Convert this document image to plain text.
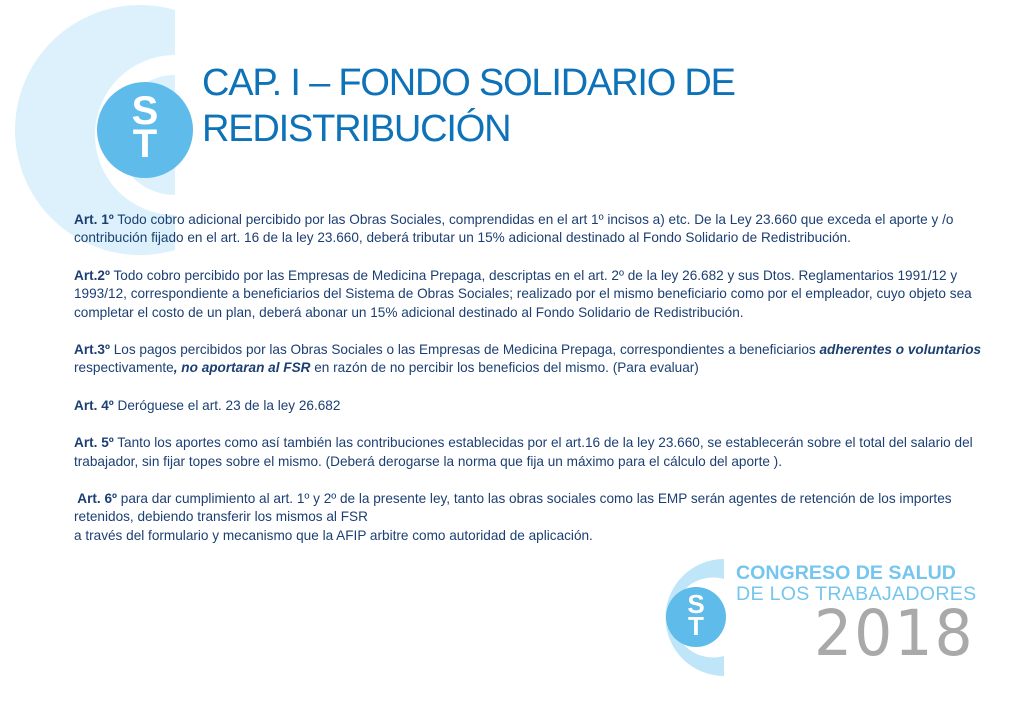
S
T
CAP. I – FONDO SOLIDARIO DE
REDISTRIBUCIÓN

Art. 1º Todo cobro adicional percibido por las Obras Sociales, comprendidas en el art 1º incisos a) etc. De la Ley 23.660 que exceda el aporte y /o contribución fijado en el art. 16 de la ley 23.660, deberá tributar un 15% adicional destinado al Fondo Solidario de Redistribución.

Art.2º Todo cobro percibido por las Empresas de Medicina Prepaga, descriptas en el art. 2º de la ley 26.682 y sus Dtos. Reglamentarios 1991/12 y 1993/12, correspondiente a beneficiarios del Sistema de Obras Sociales; realizado por el mismo beneficiario como por el empleador, cuyo objeto sea completar el costo de un plan, deberá abonar un 15% adicional destinado al Fondo Solidario de Redistribución.

Art.3º Los pagos percibidos por las Obras Sociales o las Empresas de Medicina Prepaga, correspondientes a beneficiarios adherentes o voluntarios respectivamente, no aportaran al FSR en razón de no percibir los beneficios del mismo. (Para evaluar)

Art. 4º Deróguese el art. 23 de la ley 26.682

Art. 5º Tanto los aportes como así también las contribuciones establecidas por el art.16 de la ley 23.660, se establecerán sobre el total del salario del trabajador, sin fijar topes sobre el mismo. (Deberá derogarse la norma que fija un máximo para el cálculo del aporte ).

Art. 6º para dar cumplimiento al art. 1º y 2º de la presente ley, tanto las obras sociales como las EMP serán agentes de retención de los importes retenidos, debiendo transferir los mismos al FSR
a través del formulario y mecanismo que la AFIP arbitre como autoridad de aplicación.

S
T
CONGRESO DE SALUD
DE LOS TRABAJADORES
2018
